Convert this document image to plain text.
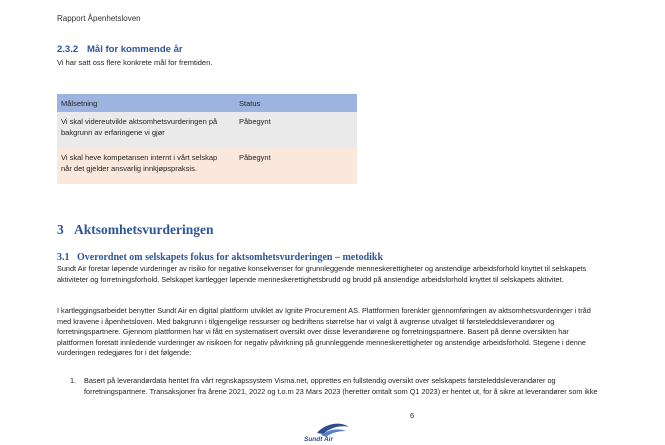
Rapport Åpenhetsloven
2.3.2 Mål for kommende år
Vi har satt oss flere konkrete mål for fremtiden.
Målsetning	Status
Vi skal videreutvikle aktsomhetsvurderingen på
bakgrunn av erfaringene vi gjør	Påbegynt
Vi skal heve kompetansen internt i vårt selskap
når det gjelder ansvarlig innkjøpspraksis.	Påbegynt
3 Aktsomhetsvurderingen
3.1 Overordnet om selskapets fokus for aktsomhetsvurderingen – metodikk
Sundt Air foretar løpende vurderinger av risiko for negative konsekvenser for grunnleggende menneskerettigheter og anstendige arbeidsforhold knyttet til selskapets
aktiviteter og forretningsforhold. Selskapet kartlegger løpende menneskerettighetsbrudd og brudd på anstendige arbeidsforhold knyttet til selskapets aktivitet.
I kartleggingsarbeidet benytter Sundt Air en digital plattform utviklet av Ignite Procurement AS. Plattformen forenkler gjennomføringen av aktsomhetsvurderinger i tråd
med kravene i åpenhetsloven. Med bakgrunn i tilgjengelige ressurser og bedriftens størrelse har vi valgt å avgrense utvalget til førsteleddsleverandører og
forretningspartnere. Gjennom plattformen har vi fått en systematisert oversikt over disse leverandørene og forretningspartnere. Basert på denne oversikten har
plattformen foretatt innledende vurderinger av risikoen for negativ påvirkning på grunnleggende menneskerettigheter og anstendige arbeidsforhold. Stegene i denne
vurderingen redegjøres for i det følgende:
1. Basert på leverandørdata hentet fra vårt regnskapssystem Visma.net, opprettes en fullstendig oversikt over selskapets førsteleddsleverandører og
forretningspartnere. Transaksjoner fra årene 2021, 2022 og t.o.m 23 Mars 2023 (heretter omtalt som Q1 2023) er hentet ut, for å sikre at leverandører som ikke
6
Sundt Air
